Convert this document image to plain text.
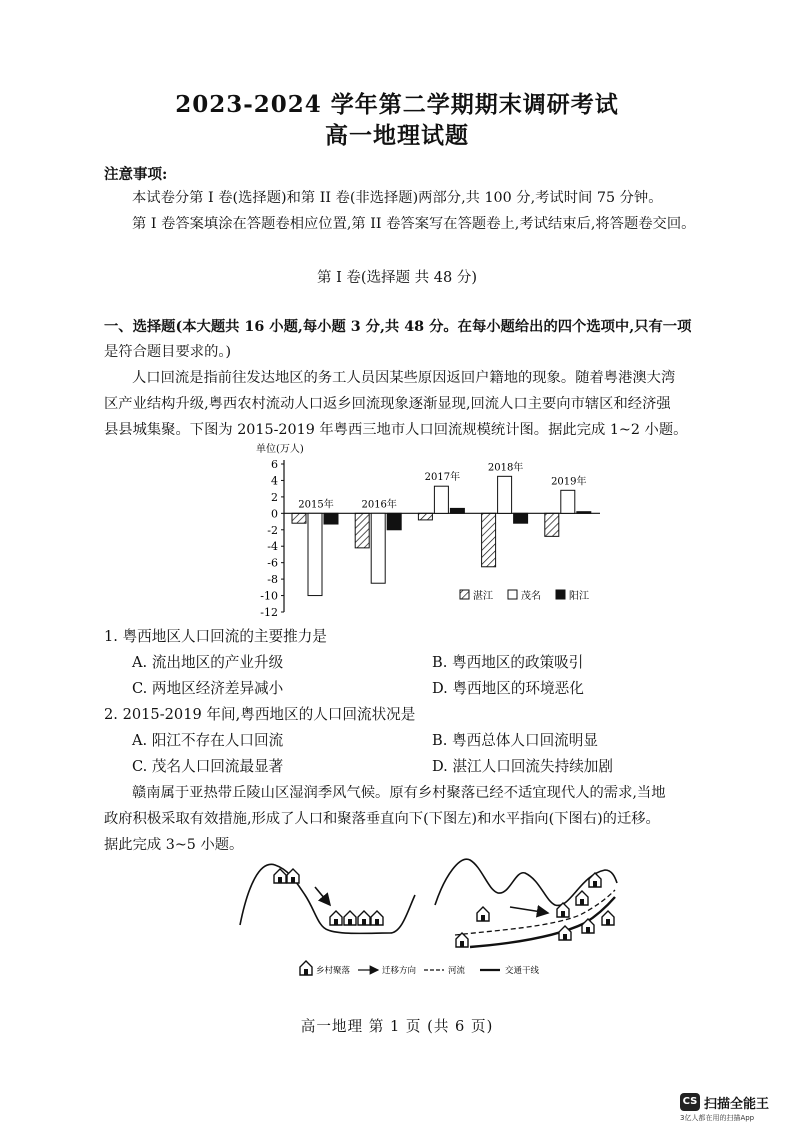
2023-2024 学年第二学期期末调研考试
高一地理试题
注意事项:
本试卷分第 I 卷(选择题)和第 II 卷(非选择题)两部分,共 100 分,考试时间 75 分钟。
第 I 卷答案填涂在答题卷相应位置,第 II 卷答案写在答题卷上,考试结束后,将答题卷交回。
第 I 卷(选择题 共 48 分)
一、选择题(本大题共 16 小题,每小题 3 分,共 48 分。在每小题给出的四个选项中,只有一项
是符合题目要求的。)
人口回流是指前往发达地区的务工人员因某些原因返回户籍地的现象。随着粤港澳大湾
区产业结构升级,粤西农村流动人口返乡回流现象逐渐显现,回流人口主要向市辖区和经济强
县县城集聚。下图为 2015-2019 年粤西三地市人口回流规模统计图。据此完成 1~2 小题。
单位(万人)
6
4
2
0
-2
-4
-6
-8
-10
-12
2015年	2016年
2017年
2018年
2019年
湛江	茂名	阳江
1. 粤西地区人口回流的主要推力是
A. 流出地区的产业升级	B. 粤西地区的政策吸引
C. 两地区经济差异减小	D. 粤西地区的环境恶化
2. 2015-2019 年间,粤西地区的人口回流状况是
A. 阳江不存在人口回流	B. 粤西总体人口回流明显
C. 茂名人口回流最显著	D. 湛江人口回流失持续加剧
赣南属于亚热带丘陵山区湿润季风气候。原有乡村聚落已经不适宜现代人的需求,当地
政府积极采取有效措施,形成了人口和聚落垂直向下(下图左)和水平指向(下图右)的迁移。
据此完成 3~5 小题。
乡村聚落	迁移方向	河流	交通干线
高一地理 第 1 页 (共 6 页)
CS 扫描全能王
3亿人都在用的扫描App
